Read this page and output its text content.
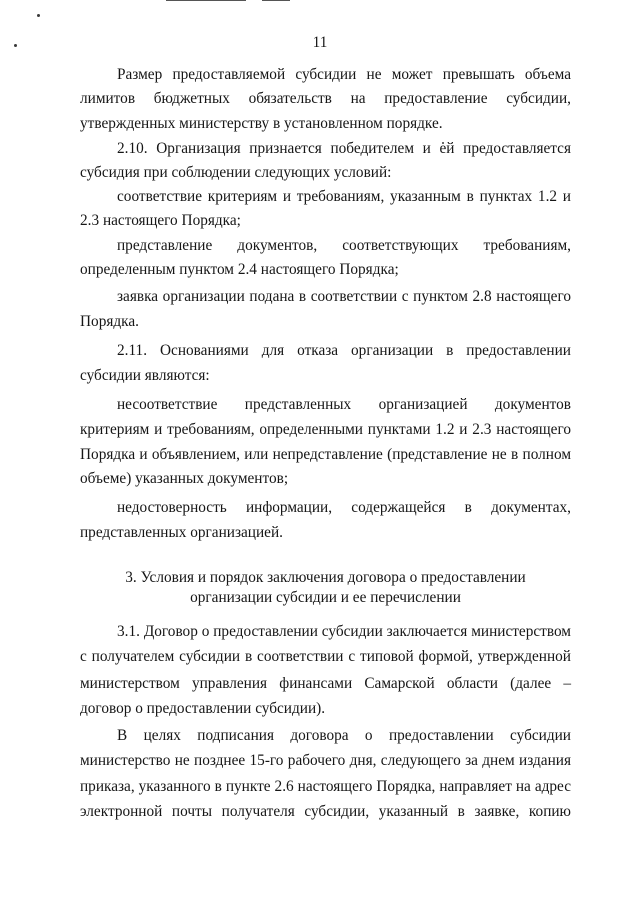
11
Размер предоставляемой субсидии не может превышать объема
лимитов бюджетных обязательств на предоставление субсидии,
утвержденных министерству в установленном порядке.
2.10. Организация признается победителем и ей предоставляется
субсидия при соблюдении следующих условий:
соответствие критериям и требованиям, указанным в пунктах 1.2 и
2.3 настоящего Порядка;
представление документов, соответствующих требованиям,
определенным пунктом 2.4 настоящего Порядка;
заявка организации подана в соответствии с пунктом 2.8 настоящего
Порядка.
2.11. Основаниями для отказа организации в предоставлении
субсидии являются:
несоответствие представленных организацией документов
критериям и требованиям, определенными пунктами 1.2 и 2.3 настоящего
Порядка и объявлением, или непредставление (представление не в полном
объеме) указанных документов;
недостоверность информации, содержащейся в документах,
представленных организацией.
3. Условия и порядок заключения договора о предоставлении
организации субсидии и ее перечислении
3.1. Договор о предоставлении субсидии заключается министерством
с получателем субсидии в соответствии с типовой формой, утвержденной
министерством управления финансами Самарской области (далее –
договор о предоставлении субсидии).
В целях подписания договора о предоставлении субсидии
министерство не позднее 15-го рабочего дня, следующего за днем издания
приказа, указанного в пункте 2.6 настоящего Порядка, направляет на адрес
электронной почты получателя субсидии, указанный в заявке, копию
